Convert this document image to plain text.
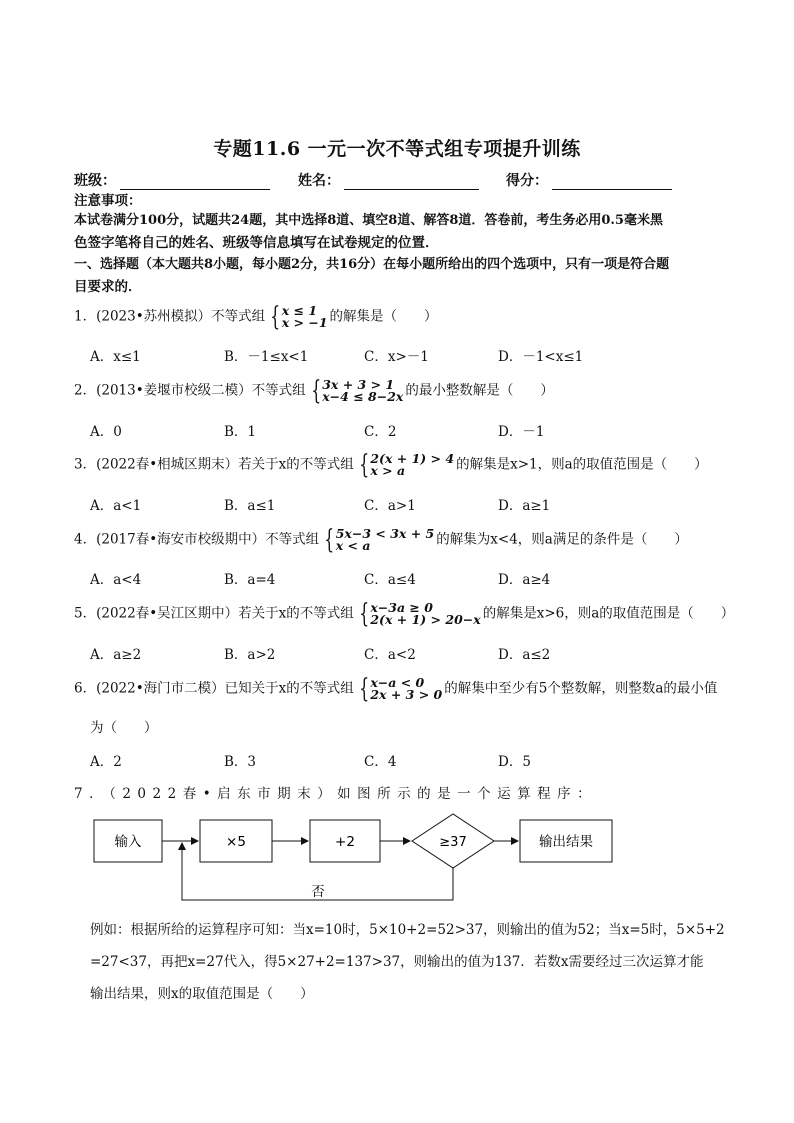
专题11.6 一元一次不等式组专项提升训练
班级：	姓名：	得分：
注意事项：
本试卷满分100分，试题共24题，其中选择8道、填空8道、解答8道．答卷前，考生务必用0.5毫米黑
色签字笔将自己的姓名、班级等信息填写在试卷规定的位置．
一、选择题（本大题共8小题，每小题2分，共16分）在每小题所给出的四个选项中，只有一项是符合题
目要求的．
1．(2023•苏州模拟）不等式组 {x ≤ 1
x > −1 的解集是（　　）
A．x≤1	B．－1≤x<1	C．x>－1	D．－1<x≤1
2．(2013•姜堰市校级二模）不等式组 {3x + 3 > 1
x−4 ≤ 8−2x 的最小整数解是（　　）
A．0	B．1	C．2	D．－1
3．(2022春•相城区期末）若关于x的不等式组 {2(x + 1) > 4
x > a	的解集是x>1，则a的取值范围是（　　）
A．a<1	B．a≤1	C．a>1	D．a≥1
4．(2017春•海安市校级期中）不等式组 {5x−3 < 3x + 5
x < a	的解集为x<4，则a满足的条件是（　　）
A．a<4	B．a=4	C．a≤4	D．a≥4
5．(2022春•吴江区期中）若关于x的不等式组 {x−3a ≥ 0
2(x + 1) > 20−x 的解集是x>6，则a的取值范围是（　　）
A．a≥2	B．a>2	C．a<2	D．a≤2
6．(2022•海门市二模）已知关于x的不等式组 {x−a < 0
2x + 3 > 0 的解集中至少有5个整数解，则整数a的最小值
为（　　）
A．2	B．3	C．4	D．5
7．（2022春•启东市期末）如图所示的是一个运算程序：
输入	×5	+2	≥37	输出结果
否
例如：根据所给的运算程序可知：当x=10时，5×10+2=52>37，则输出的值为52；当x=5时，5×5+2
=27<37，再把x=27代入，得5×27+2=137>37，则输出的值为137．若数x需要经过三次运算才能
输出结果，则x的取值范围是（　　）
